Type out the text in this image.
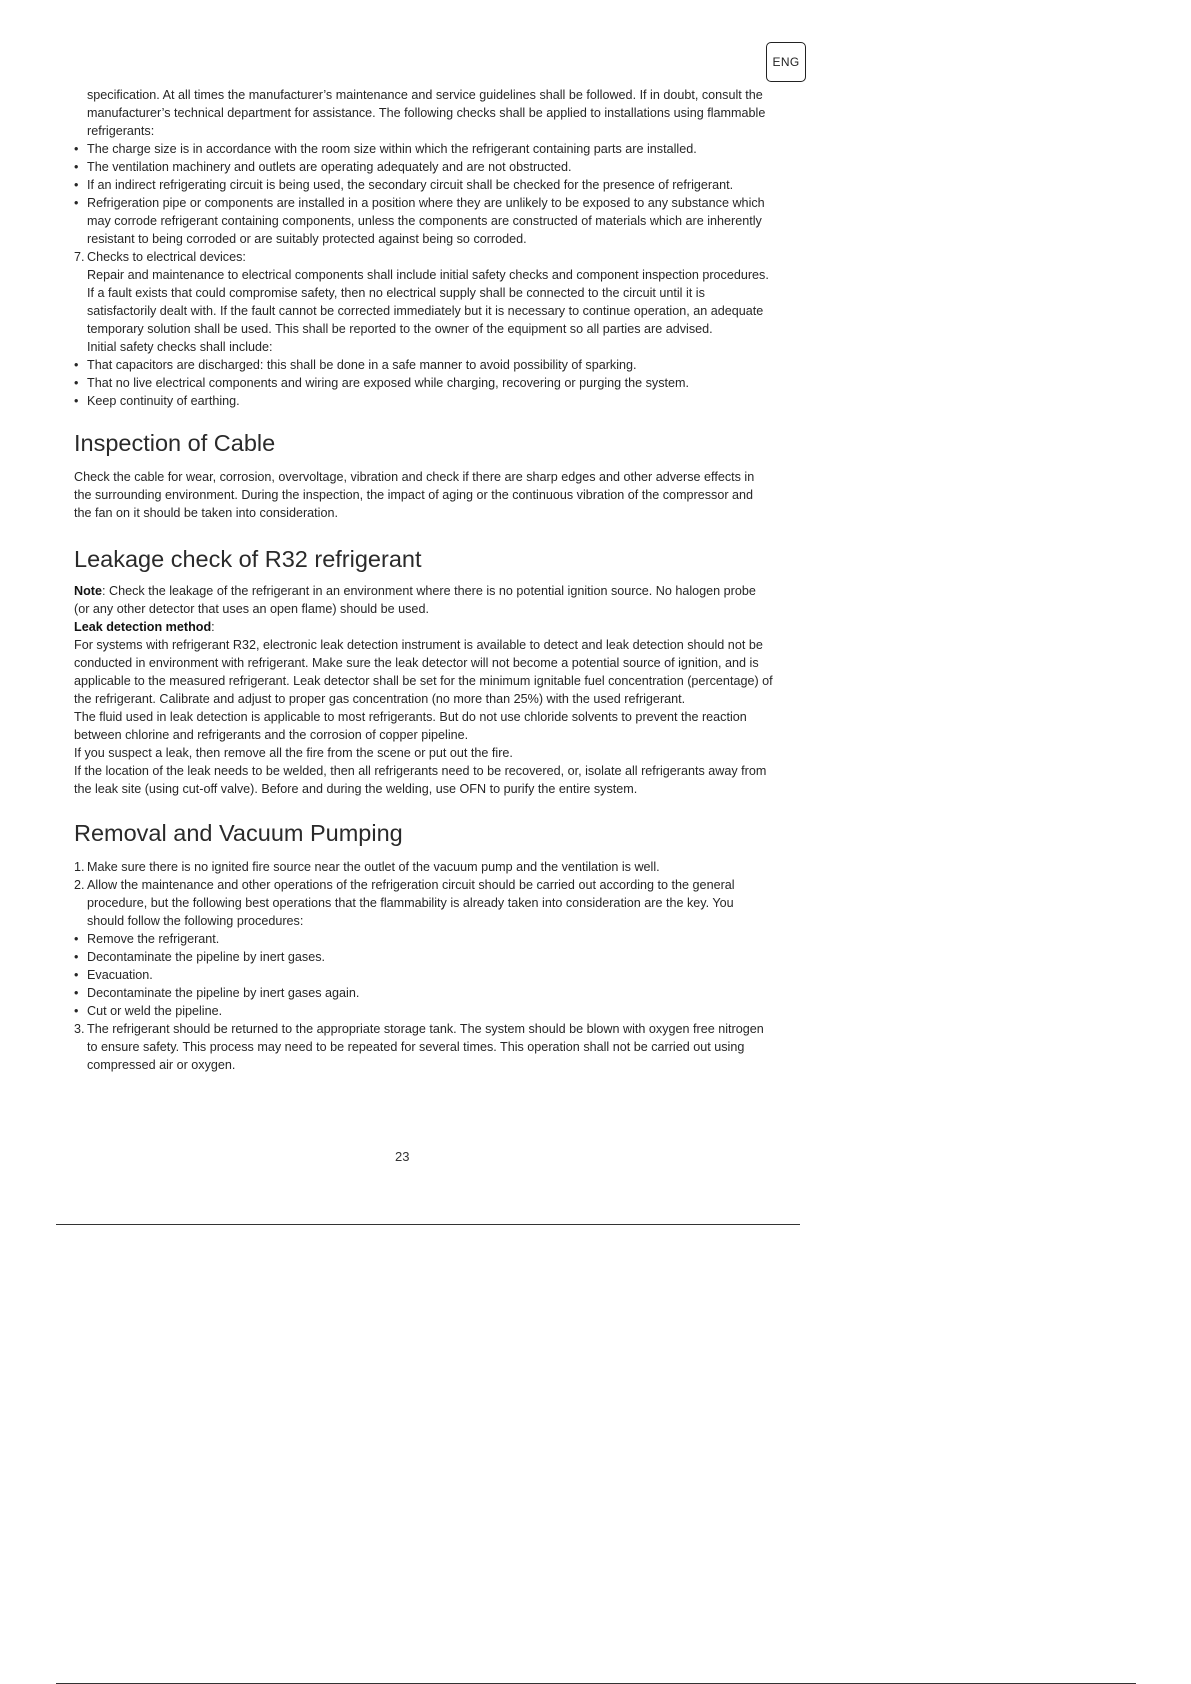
ENG

specification. At all times the manufacturer’s maintenance and service guidelines shall be followed. If in doubt, consult the manufacturer’s technical department for assistance. The following checks shall be applied to installations using flammable refrigerants:

• The charge size is in accordance with the room size within which the refrigerant containing parts are installed.

• The ventilation machinery and outlets are operating adequately and are not obstructed.

• If an indirect refrigerating circuit is being used, the secondary circuit shall be checked for the presence of refrigerant.

• Refrigeration pipe or components are installed in a position where they are unlikely to be exposed to any substance which may corrode refrigerant containing components, unless the components are constructed of materials which are inherently resistant to being corroded or are suitably protected against being so corroded.

7. Checks to electrical devices:

Repair and maintenance to electrical components shall include initial safety checks and component inspection procedures. If a fault exists that could compromise safety, then no electrical supply shall be connected to the circuit until it is satisfactorily dealt with. If the fault cannot be corrected immediately but it is necessary to continue operation, an adequate temporary solution shall be used. This shall be reported to the owner of the equipment so all parties are advised.

Initial safety checks shall include:

• That capacitors are discharged: this shall be done in a safe manner to avoid possibility of sparking.

• That no live electrical components and wiring are exposed while charging, recovering or purging the system.

• Keep continuity of earthing.

Inspection of Cable

Check the cable for wear, corrosion, overvoltage, vibration and check if there are sharp edges and other adverse effects in the surrounding environment. During the inspection, the impact of aging or the continuous vibration of the compressor and the fan on it should be taken into consideration.

Leakage check of R32 refrigerant

Note: Check the leakage of the refrigerant in an environment where there is no potential ignition source. No halogen probe (or any other detector that uses an open flame) should be used.

Leak detection method:

For systems with refrigerant R32, electronic leak detection instrument is available to detect and leak detection should not be conducted in environment with refrigerant. Make sure the leak detector will not become a potential source of ignition, and is applicable to the measured refrigerant. Leak detector shall be set for the minimum ignitable fuel concentration (percentage) of the refrigerant. Calibrate and adjust to proper gas concentration (no more than 25%) with the used refrigerant.

The fluid used in leak detection is applicable to most refrigerants. But do not use chloride solvents to prevent the reaction between chlorine and refrigerants and the corrosion of copper pipeline.

If you suspect a leak, then remove all the fire from the scene or put out the fire.

If the location of the leak needs to be welded, then all refrigerants need to be recovered, or, isolate all refrigerants away from the leak site (using cut-off valve). Before and during the welding, use OFN to purify the entire system.

Removal and Vacuum Pumping

1. Make sure there is no ignited fire source near the outlet of the vacuum pump and the ventilation is well.

2. Allow the maintenance and other operations of the refrigeration circuit should be carried out according to the general procedure, but the following best operations that the flammability is already taken into consideration are the key. You should follow the following procedures:

• Remove the refrigerant.

• Decontaminate the pipeline by inert gases.

• Evacuation.

• Decontaminate the pipeline by inert gases again.

• Cut or weld the pipeline.

3. The refrigerant should be returned to the appropriate storage tank. The system should be blown with oxygen free nitrogen to ensure safety. This process may need to be repeated for several times. This operation shall not be carried out using compressed air or oxygen.

23
